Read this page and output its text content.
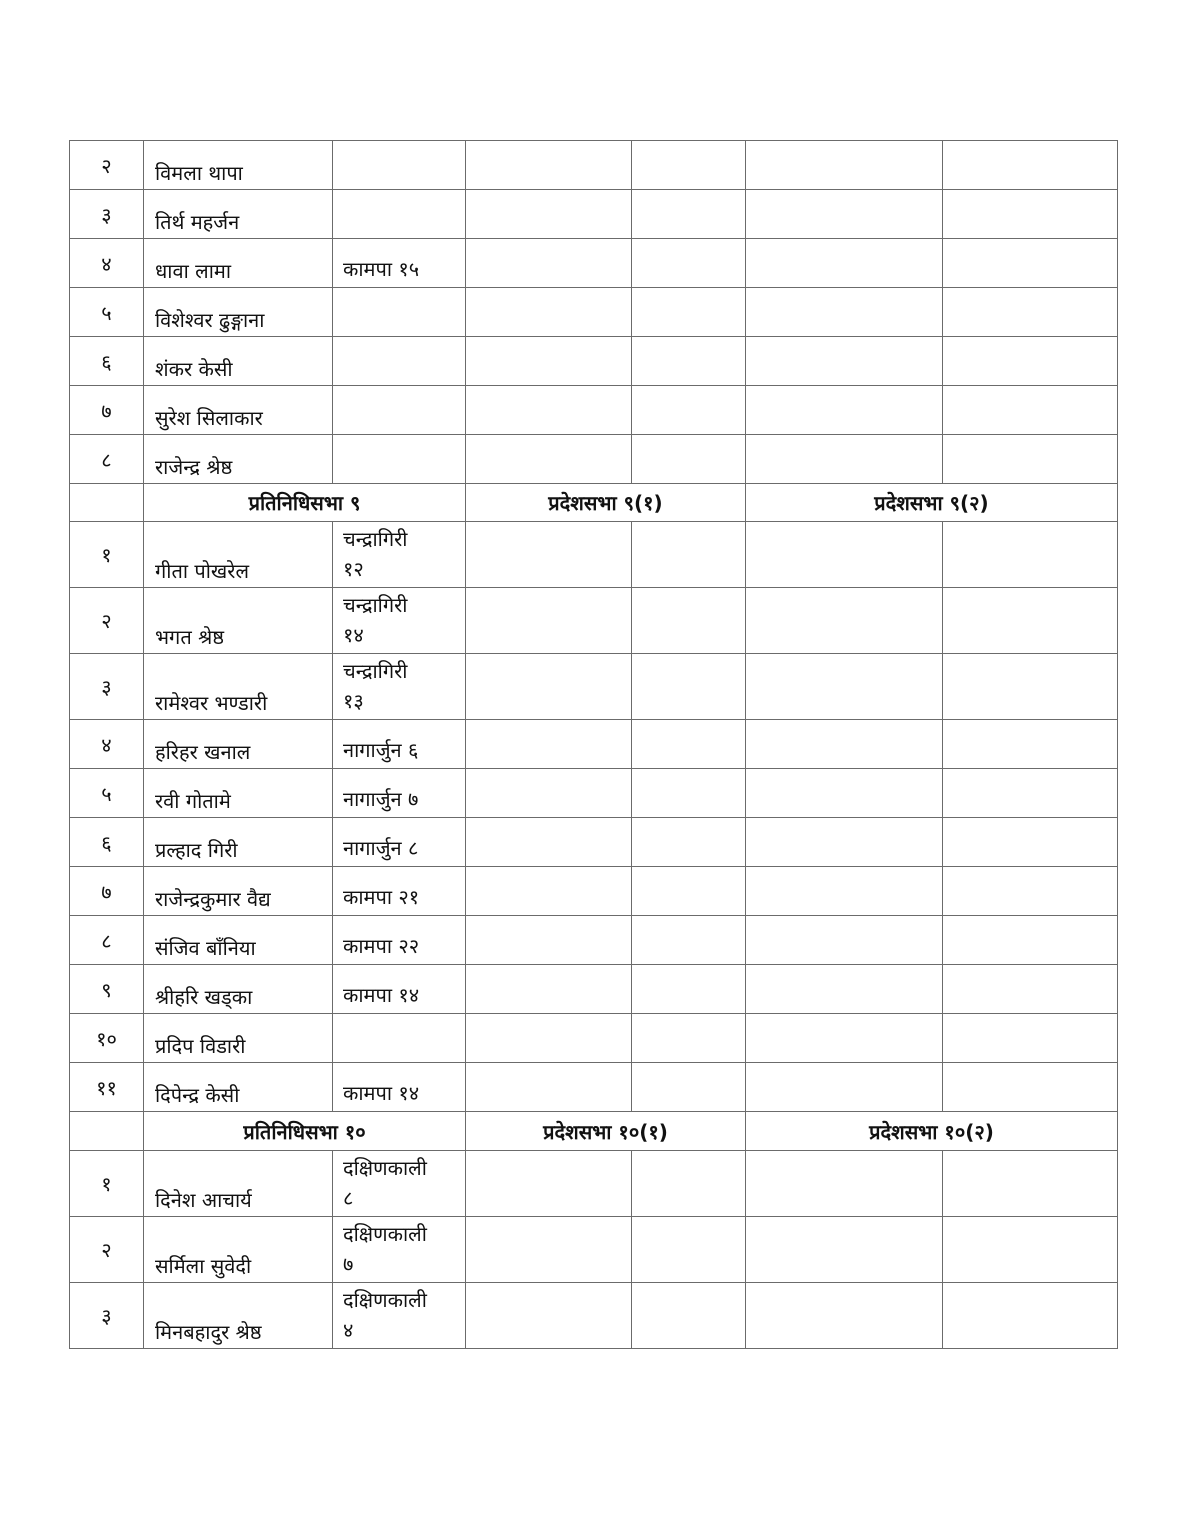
२	विमला थापा					
३	तिर्थ महर्जन					
४	धावा लामा	कामपा १५				
५	विशेश्वर ढुङ्गाना					
६	शंकर केसी					
७	सुरेश सिलाकार					
८	राजेन्द्र श्रेष्ठ					
	प्रतिनिधिसभा ९		प्रदेशसभा ९(१)		प्रदेशसभा ९(२)	
१	गीता पोखरेल	चन्द्रागिरी
१२				

२	भगत श्रेष्ठ	चन्द्रागिरी
१४				

३	रामेश्वर भण्डारी	चन्द्रागिरी
१३				

४	हरिहर खनाल	नागार्जुन ६				
५	रवी गोतामे	नागार्जुन ७				
६	प्रल्हाद गिरी	नागार्जुन ८				
७	राजेन्द्रकुमार वैद्य	कामपा २१				
८	संजिव बाँनिया	कामपा २२				
९	श्रीहरि खड्का	कामपा १४				
१०	प्रदिप विडारी					
११	दिपेन्द्र केसी	कामपा १४				
	प्रतिनिधिसभा १०		प्रदेशसभा १०(१)		प्रदेशसभा १०(२)	
१	दिनेश आचार्य	दक्षिणकाली
८				

२	सर्मिला सुवेदी	दक्षिणकाली
७				

३	मिनबहादुर श्रेष्ठ	दक्षिणकाली
४				
